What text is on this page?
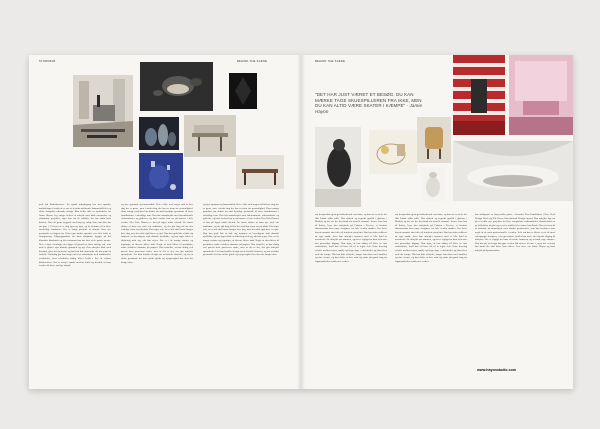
STORKBAB	BEHIND THE SCENE
med lyd Københavnere. En typisk arbejdsgang hos den spanske multidesigner består af et sæt af at tankevækkende drømmebilleder og skabe kompakt velkendte design. Men heller ikke en nyskabelse for Jaime Hayon. Jeg vælger hellere at arbejde med både mennesker og vidtstrakte projekter, siger han om de stilskift, der har skabt hans karriere. Han vil gerne begynde med ting og vælge dem, han ikke har sat spor i. Vi lærer at se ting igen og igen, og de kommer til at have forskellige karakterer. Det er lange perioder af arbejde hvor nye genstande ser dagens lys. Hans egne tanker spænder over hele feltet af formgivning. Udgangspunktet for hans skulpturer bygger på det klassiske håndværk og den formsans han har lært af de gamle mestre. Det er disse erfaringer der ligger til grund for hans særlige stil, som med et glimt i øjet blander gammelt og nyt. Han arbejder både med keramik, glas, træ og metal, og han kan lide materialer der har noget at fortælle. Samtidig gør han meget ud af at samarbejde med traditionelle værksteder, hvor teknikken stadig bliver holdt i live af erfarne håndværkere. Det er netop i mødet mellem fortid og fremtid, at hans værker får deres særlige udtryk.
og sjov spontant og humoristisk. Det er ikke med nogen mål at lave ting der er pæne, men i stedet ting der har en form for personlighed. Hans mange projekter har skiftet fra små hjemlige genstande til store installationer i offentlige rum. Han har samarbejdet med internationale virksomheder og gallerier, og hans værker kan ses på museer i hele verden. Hos Fritz Hansen er han på ingen måde ukendt. De første skitser af hans nye stole var ambitiøse, og der gik lang tid før den endelige form var på plads. Han siger selv, at en stol skal kunne bruges hver dag, men den skal også have en sjæl. Han kan godt lide at lade sig inspirere af hverdagens små absurde øjeblikke, og han tager altid en skitsebog med sig, når han rejser. Det er i de mange notater og tegninger, at ideerne bliver født. Nogle af dem bliver til produkter, andre forbliver drømme på papiret. Han fortæller, at han aldrig ved præcis hvor processen ender, men at det er det, der gør arbejdet spændende. For ham handler design om at fortælle historier, og om at skabe genstande der kan vække glæde og nysgerrighed hos dem der bruger dem.
og sjov spontant og humoristisk. Det er ikke med nogen mål at lave ting der er pæne, men i stedet ting der har en form for personlighed. Hans mange projekter har skiftet fra små hjemlige genstande til store installationer i offentlige rum. Han har samarbejdet med internationale virksomheder og gallerier, og hans værker kan ses på museer i hele verden. Hos Fritz Hansen er han på ingen måde ukendt. De første skitser af hans nye stole var ambitiøse, og der gik lang tid før den endelige form var på plads. Han siger selv, at en stol skal kunne bruges hver dag, men den skal også have en sjæl. Han kan godt lide at lade sig inspirere af hverdagens små absurde øjeblikke, og han tager altid en skitsebog med sig, når han rejser. Det er i de mange notater og tegninger, at ideerne bliver født. Nogle af dem bliver til produkter, andre forbliver drømme på papiret. Han fortæller, at han aldrig ved præcis hvor processen ender, men at det er det, der gør arbejdet spændende. For ham handler design om at fortælle historier, og om at skabe genstande der kan vække glæde og nysgerrighed hos dem der bruger dem.
BEHIND THE SCENE
"DET HAR JUST VÆRET ET BESØG. DU KAN MÆRKE TAGE SKUESPILLEREN FRA IKKE, MEN DU KAN ALTID VÆRE SKATER I KÆMPE" - Jamie Hayon
var hensynsløs og meget udfordrende som barn, og han var en af de der ikke kunne sidde stille. Han skatede og tegnede graffiti i gaderne i Madrid, og det var her han fandt sin visuelle stemme. Senere kom han til Italien, hvor han arbejdede på Fabrica i Treviso, et kreativt laboratorium hvor unge designere fra hele verden mødtes. Her lærte han at omsætte sine idéer til konkrete projekter. Han har siden etableret sit eget studie, hvor han arbejder sammen med et lille hold af assistenter. De arbejder tæt sammen, og det er vigtigt for ham at bevare den personlige tilgang. Han siger, at han aldrig vil blive en stor virksomhed, fordi han vil have tid til at tegne selv. Hans hverdag veksler mellem rejser, møder og lange dage i værkstedet, og han trives med det tempo. Når han ikke arbejder, bruger han tiden med familien og sine venner, og han elsker at lave mad og samle på gamle ting fra loppemarkeder rundt om i verden.
var hensynsløs og meget udfordrende som barn, og han var en af de der ikke kunne sidde stille. Han skatede og tegnede graffiti i gaderne i Madrid, og det var her han fandt sin visuelle stemme. Senere kom han til Italien, hvor han arbejdede på Fabrica i Treviso, et kreativt laboratorium hvor unge designere fra hele verden mødtes. Her lærte han at omsætte sine idéer til konkrete projekter. Han har siden etableret sit eget studie, hvor han arbejder sammen med et lille hold af assistenter. De arbejder tæt sammen, og det er vigtigt for ham at bevare den personlige tilgang. Han siger, at han aldrig vil blive en stor virksomhed, fordi han vil have tid til at tegne selv. Hans hverdag veksler mellem rejser, møder og lange dage i værkstedet, og han trives med det tempo. Når han ikke arbejder, bruger han tiden med familien og sine venner, og han elsker at lave mad og samle på gamle ting fra loppemarkeder rundt om i verden.
han stadigvæk en lang række priser - herunder Best Installation i New York Design Week og Elle Decor International Design Award. Han arbejder lige nu på en række nye projekter for flere europæiske virksomheder, blandt andet en ny kollektion af glas og en serie møbler til en større hotelkæde. Han ser frem til at fortsætte sit samarbejde med danske producenter, som han beskriver som nogle af de mest professionelle i verden. Selv om han er blevet en af de mest efterspurgte designere i sin generation, holder han fast i sin legende tilgang til arbejdet. Det er vigtigt for ham at bevare humoren og at turde tage chancer. Han tror på, at design kan gøre verden lidt sjovere at være i, og at det er netop den tanke der skal drive ham videre. Læs mere om Jaime Hayon og hans arbejde på hjemmesiden.
www.hayonstudio.com
